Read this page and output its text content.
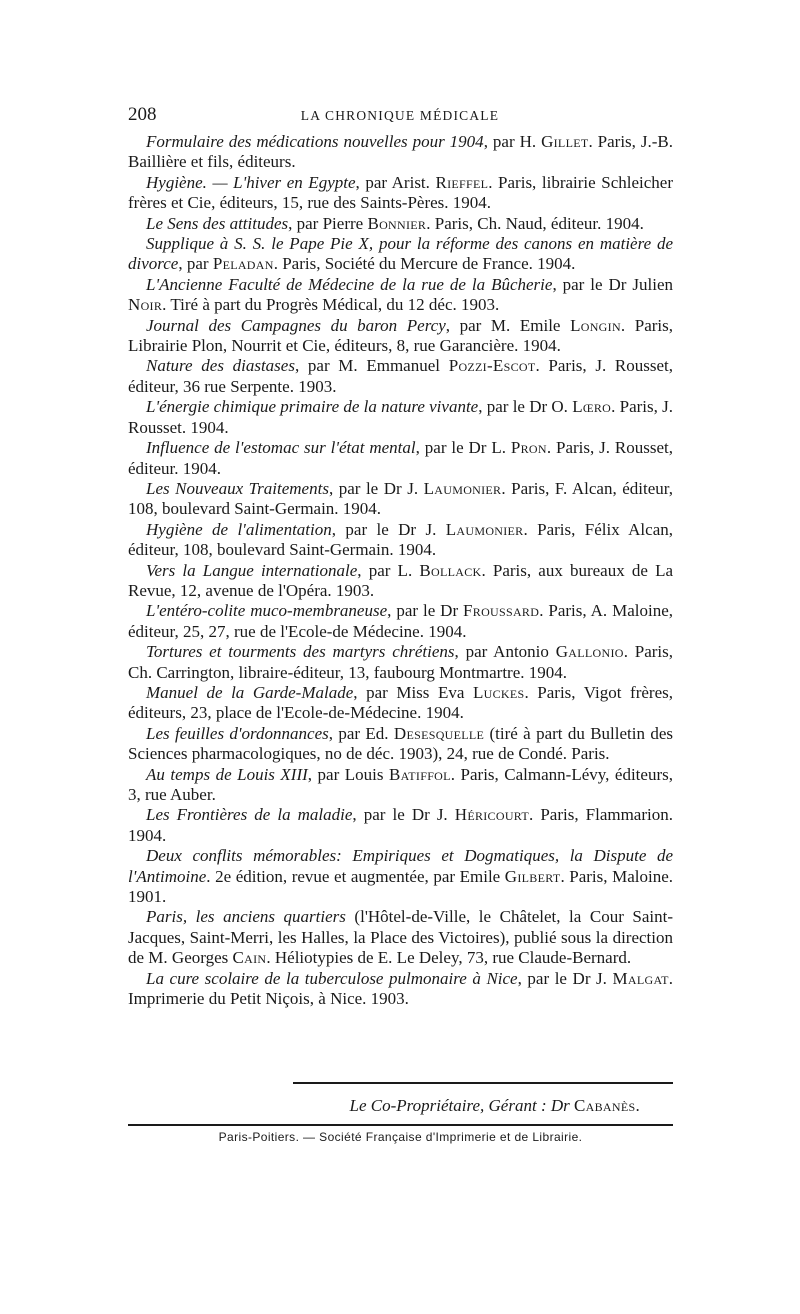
208	LA CHRONIQUE MÉDICALE
Formulaire des médications nouvelles pour 1904, par H. Gillet. Paris, J.-B. Baillière et fils, éditeurs.
Hygiène. — L'hiver en Egypte, par Arist. Rieffel. Paris, librairie Schleicher frères et Cie, éditeurs, 15, rue des Saints-Pères. 1904.
Le Sens des attitudes, par Pierre Bonnier. Paris, Ch. Naud, éditeur. 1904.
Supplique à S. S. le Pape Pie X, pour la réforme des canons en matière de divorce, par Peladan. Paris, Société du Mercure de France. 1904.
L'Ancienne Faculté de Médecine de la rue de la Bûcherie, par le Dr Julien Noir. Tiré à part du Progrès Médical, du 12 déc. 1903.
Journal des Campagnes du baron Percy, par M. Emile Longin. Paris, Librairie Plon, Nourrit et Cie, éditeurs, 8, rue Garancière. 1904.
Nature des diastases, par M. Emmanuel Pozzi-Escot. Paris, J. Rousset, éditeur, 36 rue Serpente. 1903.
L'énergie chimique primaire de la nature vivante, par le Dr O. Lœro. Paris, J. Rousset. 1904.
Influence de l'estomac sur l'état mental, par le Dr L. Pron. Paris, J. Rousset, éditeur. 1904.
Les Nouveaux Traitements, par le Dr J. Laumonier. Paris, F. Alcan, éditeur, 108, boulevard Saint-Germain. 1904.
Hygiène de l'alimentation, par le Dr J. Laumonier. Paris, Félix Alcan, éditeur, 108, boulevard Saint-Germain. 1904.
Vers la Langue internationale, par L. Bollack. Paris, aux bureaux de La Revue, 12, avenue de l'Opéra. 1903.
L'entéro-colite muco-membraneuse, par le Dr Froussard. Paris, A. Maloine, éditeur, 25, 27, rue de l'Ecole-de Médecine. 1904.
Tortures et tourments des martyrs chrétiens, par Antonio Gallonio. Paris, Ch. Carrington, libraire-éditeur, 13, faubourg Montmartre. 1904.
Manuel de la Garde-Malade, par Miss Eva Luckes. Paris, Vigot frères, éditeurs, 23, place de l'Ecole-de-Médecine. 1904.
Les feuilles d'ordonnances, par Ed. Desesquelle (tiré à part du Bulletin des Sciences pharmacologiques, no de déc. 1903), 24, rue de Condé. Paris.
Au temps de Louis XIII, par Louis Batiffol. Paris, Calmann-Lévy, éditeurs, 3, rue Auber.
Les Frontières de la maladie, par le Dr J. Héricourt. Paris, Flammarion. 1904.
Deux conflits mémorables: Empiriques et Dogmatiques, la Dispute de l'Antimoine. 2e édition, revue et augmentée, par Emile Gilbert. Paris, Maloine. 1901.
Paris, les anciens quartiers (l'Hôtel-de-Ville, le Châtelet, la Cour Saint-Jacques, Saint-Merri, les Halles, la Place des Victoires), publié sous la direction de M. Georges Cain. Héliotypies de E. Le Deley, 73, rue Claude-Bernard.
La cure scolaire de la tuberculose pulmonaire à Nice, par le Dr J. Malgat. Imprimerie du Petit Niçois, à Nice. 1903.
Le Co-Propriétaire, Gérant : Dr Cabanès.
Paris-Poitiers. — Société Française d'Imprimerie et de Librairie.
